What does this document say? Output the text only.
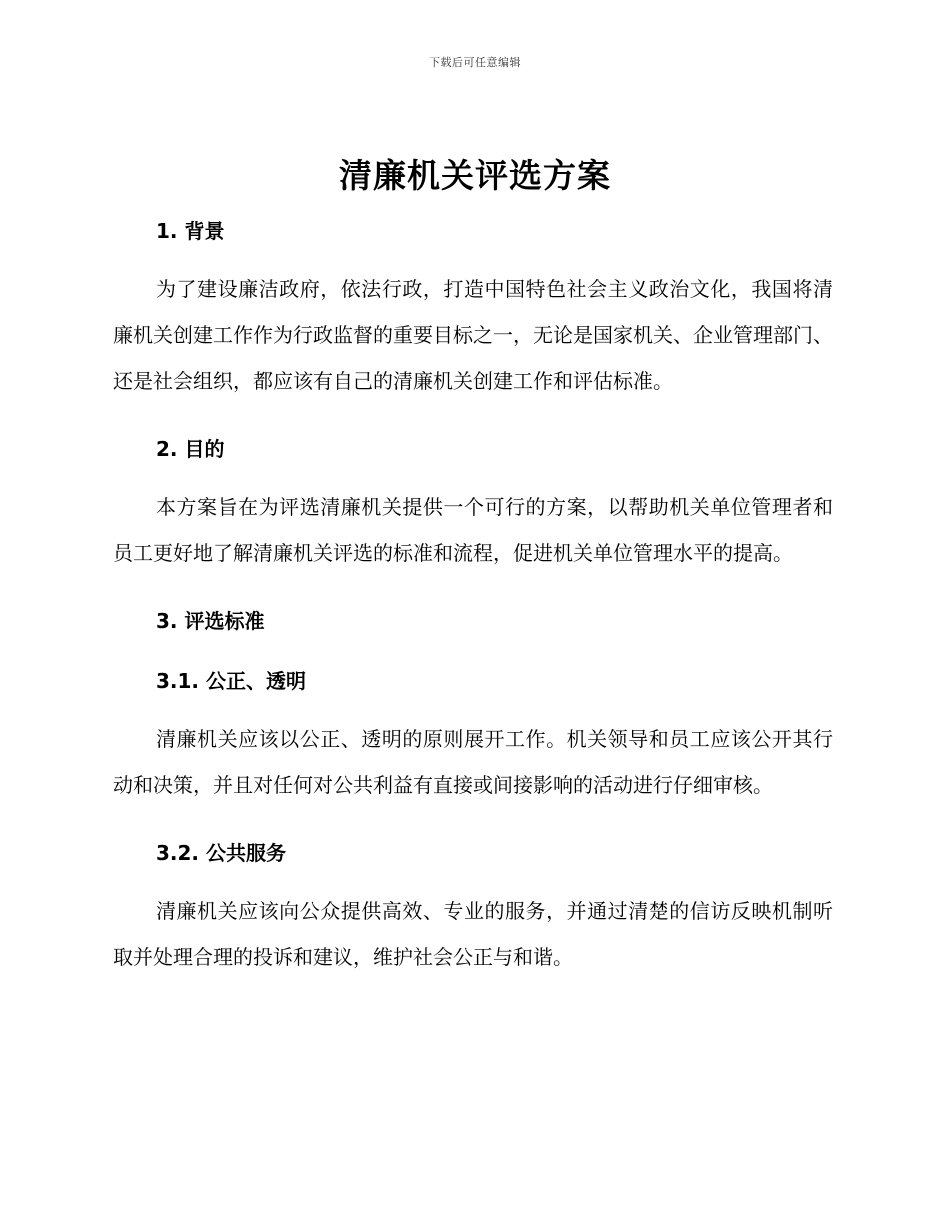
下载后可任意编辑
清廉机关评选方案
1. 背景

为了建设廉洁政府，依法行政，打造中国特色社会主义政治文化，我国将清廉机关创建工作作为行政监督的重要目标之一，无论是国家机关、企业管理部门、还是社会组织，都应该有自己的清廉机关创建工作和评估标准。

2. 目的

本方案旨在为评选清廉机关提供一个可行的方案，以帮助机关单位管理者和员工更好地了解清廉机关评选的标准和流程，促进机关单位管理水平的提高。

3. 评选标准
3.1. 公正、透明

清廉机关应该以公正、透明的原则展开工作。机关领导和员工应该公开其行动和决策，并且对任何对公共利益有直接或间接影响的活动进行仔细审核。

3.2. 公共服务

清廉机关应该向公众提供高效、专业的服务，并通过清楚的信访反映机制听取并处理合理的投诉和建议，维护社会公正与和谐。
